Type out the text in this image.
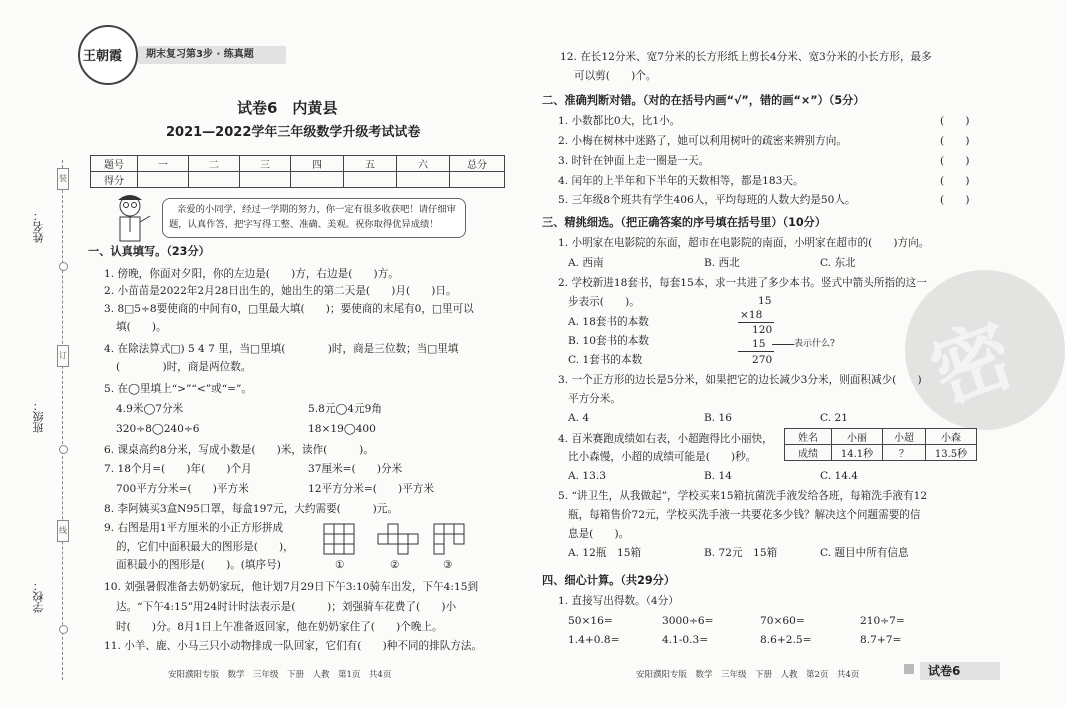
装
订
线
姓名：
班级：
学校：
王朝霞	期末复习第3步 · 练真题
试卷6　内黄县
2021—2022学年三年级数学升级考试试卷
题号	一	二	三	四	五	六	总分
得分							
亲爱的小同学，经过一学期的努力，你一定有很多收获吧！请仔细审
题，认真作答，把字写得工整、准确、美观。祝你取得优异成绩！
一、认真填写。（23分）
1. 傍晚，你面对夕阳，你的左边是(　　)方，右边是(　　)方。
2. 小苗苗是2022年2月28日出生的，她出生的第二天是(　　)月(　　)日。
3. 8□5÷8要使商的中间有0，□里最大填(　　)；要使商的末尾有0，□里可以
填(　　)。
4. 在除法算式□) 5 4 7 里，当□里填(　　　　)时，商是三位数；当□里填
(　　　　)时，商是两位数。
5. 在◯里填上“>”“<”或“=”。
4.9米◯7分米	5.8元◯4元9角
320÷8◯240÷6	18×19◯400
6. 课桌高约8分米，写成小数是(　　)米，读作(　　　)。
7. 18个月=(　　)年(　　)个月	37厘米=(　　)分米
700平方分米=(　　)平方米	12平方分米=(　　)平方米
8. 李阿姨买3盒N95口罩，每盒197元，大约需要(　　　)元。
9. 右图是用1平方厘米的小正方形拼成
的，它们中面积最大的图形是(　　)，
面积最小的图形是(　　)。(填序号)	①	②	③
10. 刘强暑假准备去奶奶家玩，他计划7月29日下午3:10骑车出发，下午4:15到
达。“下午4:15”用24时计时法表示是(　　　)；刘强骑车花费了(　　)小
时(　　)分。8月1日上午准备返回家，他在奶奶家住了(　　)个晚上。
11. 小羊、鹿、小马三只小动物排成一队回家，它们有(　　)种不同的排队方法。
安阳濮阳专版　数学　三年级　下册　人教　第1页　共4页
密
12. 在长12分米、宽7分米的长方形纸上剪长4分米、宽3分米的小长方形，最多
可以剪(　　)个。
二、准确判断对错。（对的在括号内画“√”，错的画“×”）（5分）
1. 小数都比0大，比1小。
2. 小梅在树林中迷路了，她可以利用树叶的疏密来辨别方向。
3. 时针在钟面上走一圈是一天。
4. 闰年的上半年和下半年的天数相等，都是183天。
5. 三年级8个班共有学生406人，平均每班的人数大约是50人。
(　　)
(　　)
(　　)
(　　)
(　　)
三、精挑细选。（把正确答案的序号填在括号里）（10分）
1. 小明家在电影院的东面，超市在电影院的南面，小明家在超市的(　　)方向。
A. 西南	B. 西北	C. 东北
2. 学校新进18套书，每套15本，求一共进了多少本书。竖式中箭头所指的这一
步表示(　　)。
A. 18套书的本数
B. 10套书的本数
C. 1套书的本数
15
×18
120
15	表示什么?
270
3. 一个正方形的边长是5分米，如果把它的边长减少3分米，则面积减少(　　)
平方分米。
A. 4	B. 16	C. 21
4. 百米赛跑成绩如右表，小超跑得比小丽快，
比小森慢，小超的成绩可能是(　　)秒。
A. 13.3	B. 14	C. 14.4
姓名	小丽	小超	小森
成绩	14.1秒	？	13.5秒
5. “讲卫生，从我做起”，学校买来15箱抗菌洗手液发给各班，每箱洗手液有12
瓶，每箱售价72元，学校买洗手液一共要花多少钱？解决这个问题需要的信
息是(　　)。
A. 12瓶　15箱	B. 72元　15箱	C. 题目中所有信息
四、细心计算。（共29分）
1. 直接写出得数。（4分）
50×16=	3000÷6=	70×60=	210÷7=
1.4+0.8=	4.1-0.3=	8.6+2.5=	8.7+7=
安阳濮阳专版　数学　三年级　下册　人教　第2页　共4页	试卷6
